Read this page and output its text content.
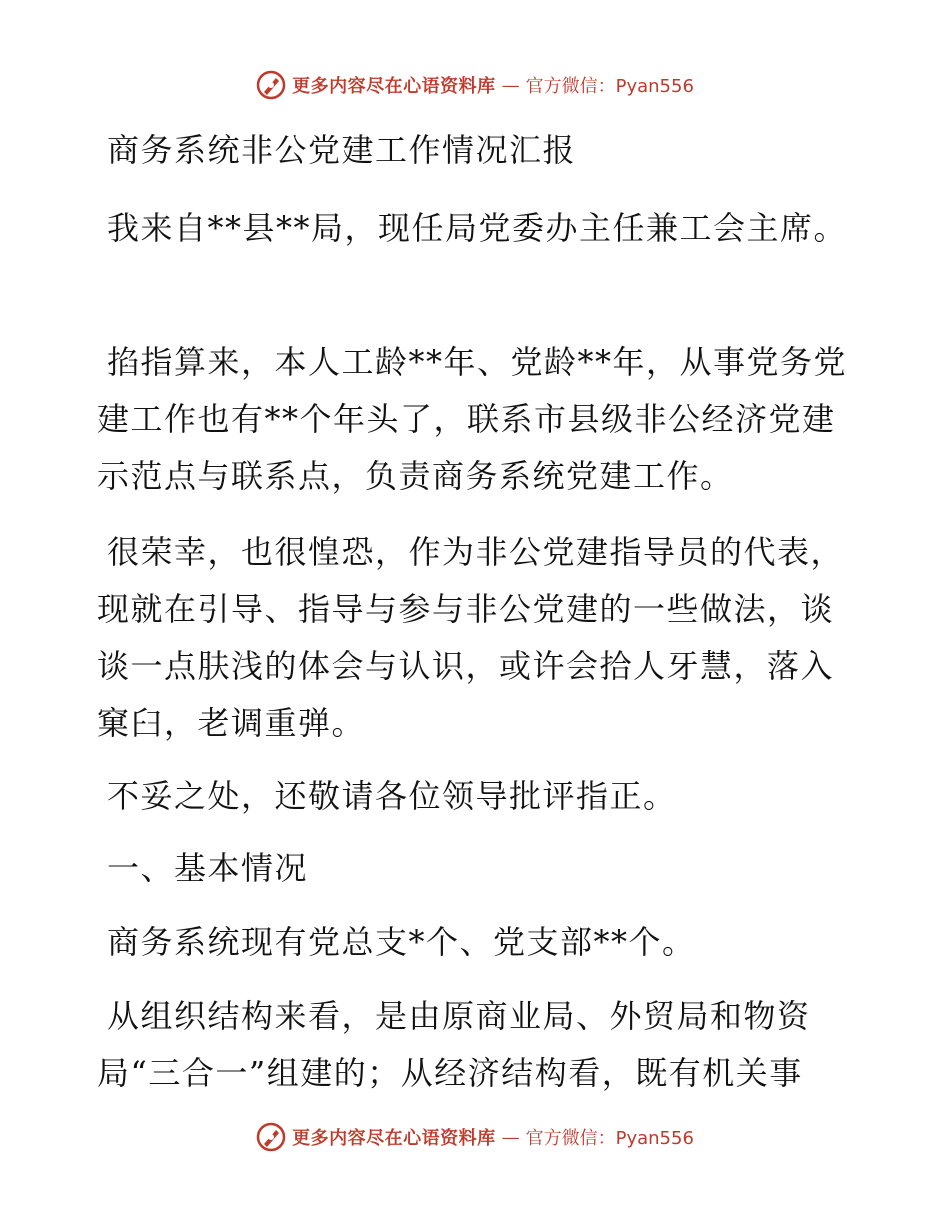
更多内容尽在心语资料库 — 官方微信：Pyan556

商务系统非公党建工作情况汇报

我来自**县**局，现任局党委办主任兼工会主席。

掐指算来，本人工龄**年、党龄**年，从事党务党建工作也有**个年头了，联系市县级非公经济党建示范点与联系点，负责商务系统党建工作。

很荣幸，也很惶恐，作为非公党建指导员的代表，现就在引导、指导与参与非公党建的一些做法，谈谈一点肤浅的体会与认识，或许会拾人牙慧，落入窠臼，老调重弹。

不妥之处，还敬请各位领导批评指正。

一、基本情况

商务系统现有党总支*个、党支部**个。

从组织结构来看，是由原商业局、外贸局和物资局“三合一”组建的；从经济结构看，既有机关事

更多内容尽在心语资料库 — 官方微信：Pyan556
